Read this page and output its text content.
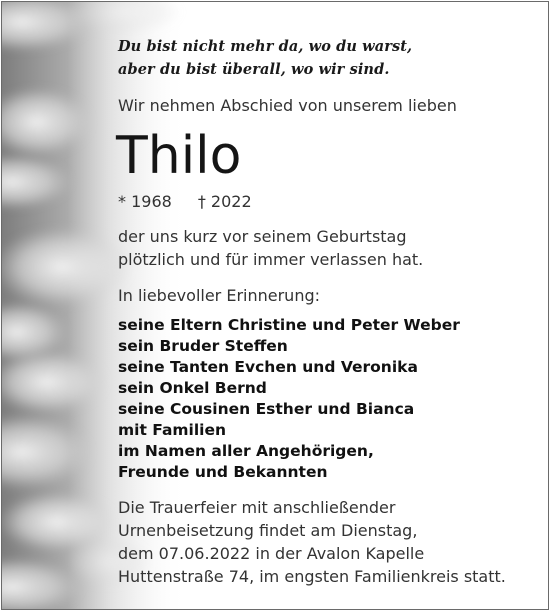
Du bist nicht mehr da, wo du warst,
aber du bist überall, wo wir sind.
Wir nehmen Abschied von unserem lieben
Thilo
* 1968 † 2022
der uns kurz vor seinem Geburtstag
plötzlich und für immer verlassen hat.
In liebevoller Erinnerung:
seine Eltern Christine und Peter Weber
sein Bruder Steffen
seine Tanten Evchen und Veronika
sein Onkel Bernd
seine Cousinen Esther und Bianca
mit Familien
im Namen aller Angehörigen,
Freunde und Bekannten
Die Trauerfeier mit anschließender
Urnenbeisetzung findet am Dienstag,
dem 07.06.2022 in der Avalon Kapelle
Huttenstraße 74, im engsten Familienkreis statt.
